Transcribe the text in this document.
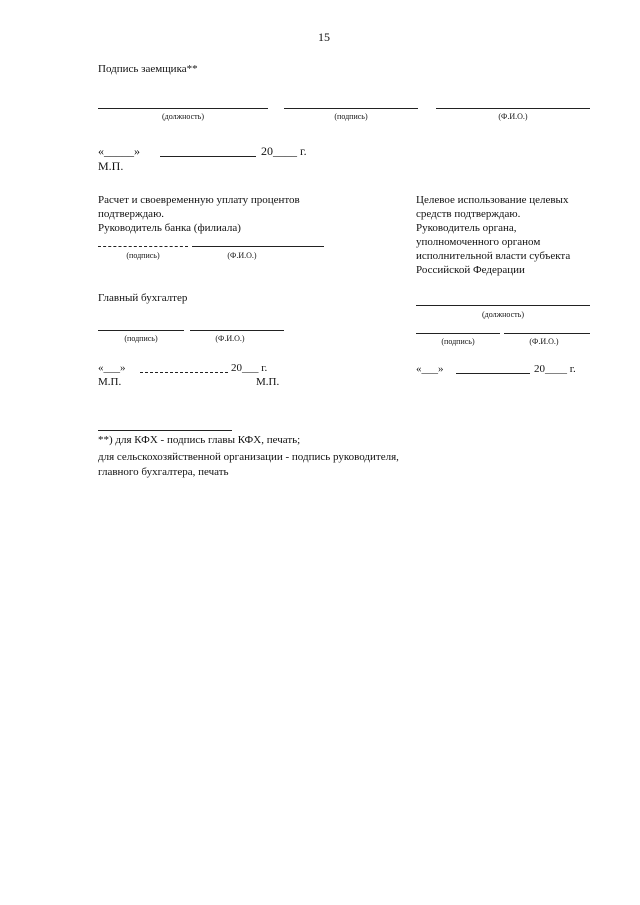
15
Подпись заемщика**
(должность)	(подпись)	(Ф.И.О.)
«_____»	20____ г.
М.П.
Расчет и своевременную уплату процентов
подтверждаю.
Руководитель банка (филиала)
(подпись)	(Ф.И.О.)
Целевое использование целевых
средств подтверждаю.
Руководитель органа,
уполномоченного органом
исполнительной власти субъекта
Российской Федерации
(должность)
(подпись)	(Ф.И.О.)
«___»	20____ г.
Главный бухгалтер
(подпись)	(Ф.И.О.)
«___»	20___ г.
М.П.	М.П.
**) для КФХ - подпись главы КФХ, печать;
для сельскохозяйственной организации - подпись руководителя,
главного бухгалтера, печать
